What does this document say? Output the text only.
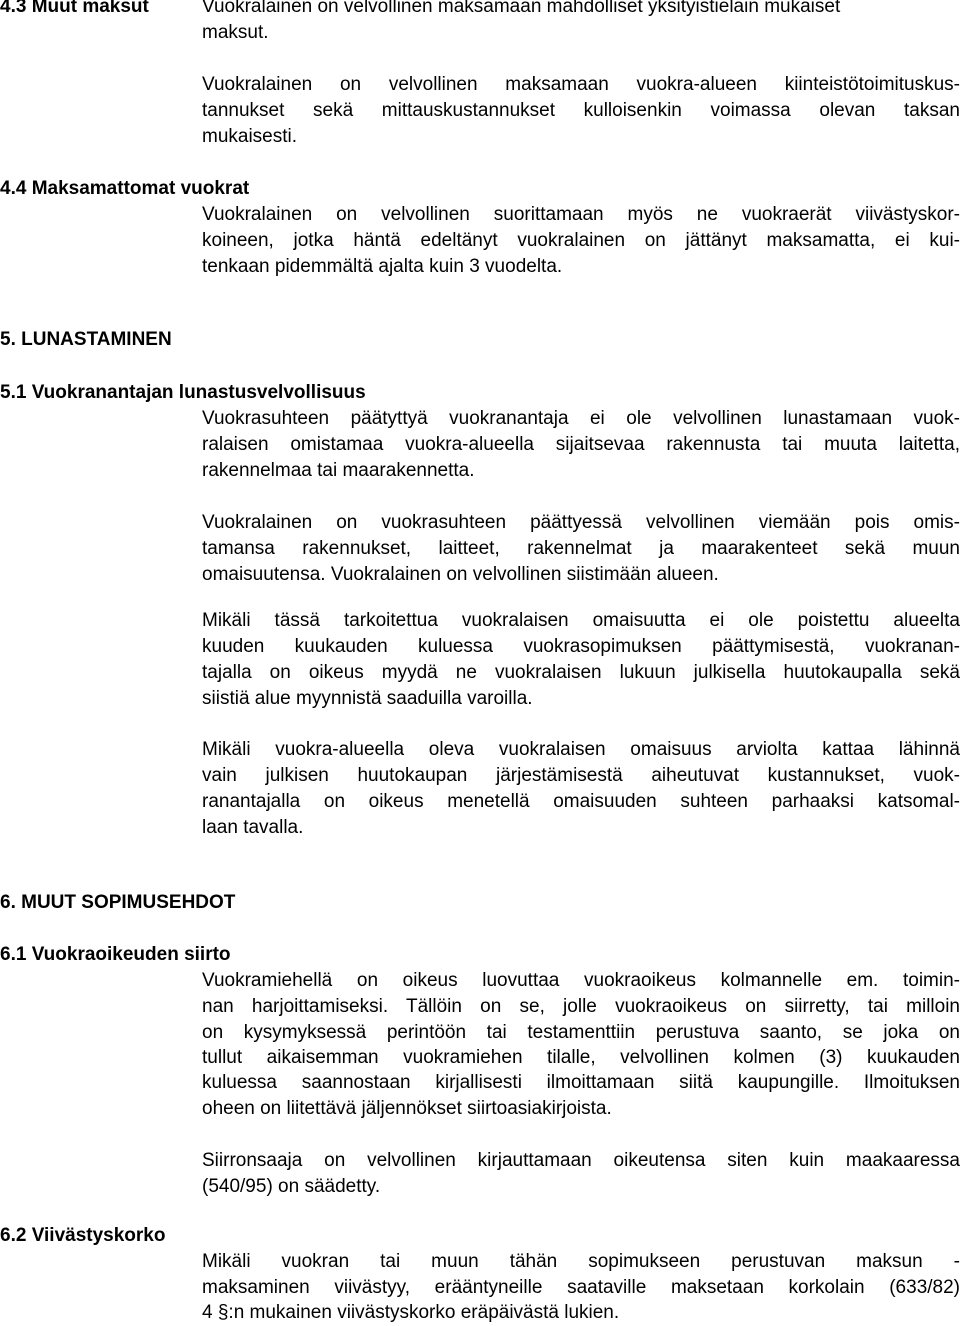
4.3 Muut maksut	Vuokralainen on velvollinen maksamaan mahdolliset yksityistielain mukaiset
maksut.
Vuokralainen on velvollinen maksamaan vuokra-alueen kiinteistötoimituskus-
tannukset sekä mittauskustannukset kulloisenkin voimassa olevan taksan
mukaisesti.
4.4 Maksamattomat vuokrat
Vuokralainen on velvollinen suorittamaan myös ne vuokraerät viivästyskor-
koineen, jotka häntä edeltänyt vuokralainen on jättänyt maksamatta, ei kui-
tenkaan pidemmältä ajalta kuin 3 vuodelta.
5. LUNASTAMINEN
5.1 Vuokranantajan lunastusvelvollisuus
Vuokrasuhteen päätyttyä vuokranantaja ei ole velvollinen lunastamaan vuok-
ralaisen omistamaa vuokra-alueella sijaitsevaa rakennusta tai muuta laitetta,
rakennelmaa tai maarakennetta.
Vuokralainen on vuokrasuhteen päättyessä velvollinen viemään pois omis-
tamansa rakennukset, laitteet, rakennelmat ja maarakenteet sekä muun
omaisuutensa. Vuokralainen on velvollinen siistimään alueen.
Mikäli tässä tarkoitettua vuokralaisen omaisuutta ei ole poistettu alueelta
kuuden kuukauden kuluessa vuokrasopimuksen päättymisestä, vuokranan-
tajalla on oikeus myydä ne vuokralaisen lukuun julkisella huutokaupalla sekä
siistiä alue myynnistä saaduilla varoilla.
Mikäli vuokra-alueella oleva vuokralaisen omaisuus arviolta kattaa lähinnä
vain julkisen huutokaupan järjestämisestä aiheutuvat kustannukset, vuok-
ranantajalla on oikeus menetellä omaisuuden suhteen parhaaksi katsomal-
laan tavalla.
6. MUUT SOPIMUSEHDOT
6.1 Vuokraoikeuden siirto
Vuokramiehellä on oikeus luovuttaa vuokraoikeus kolmannelle em. toimin-
nan harjoittamiseksi. Tällöin on se, jolle vuokraoikeus on siirretty, tai milloin
on kysymyksessä perintöön tai testamenttiin perustuva saanto, se joka on
tullut aikaisemman vuokramiehen tilalle, velvollinen kolmen (3) kuukauden
kuluessa saannostaan kirjallisesti ilmoittamaan siitä kaupungille. Ilmoituksen
oheen on liitettävä jäljennökset siirtoasiakirjoista.
Siirronsaaja on velvollinen kirjauttamaan oikeutensa siten kuin maakaaressa
(540/95) on säädetty.
6.2 Viivästyskorko
Mikäli vuokran tai muun tähän sopimukseen perustuvan maksun -
maksaminen viivästyy, erääntyneille saataville maksetaan korkolain (633/82)
4 §:n mukainen viivästyskorko eräpäivästä lukien.
